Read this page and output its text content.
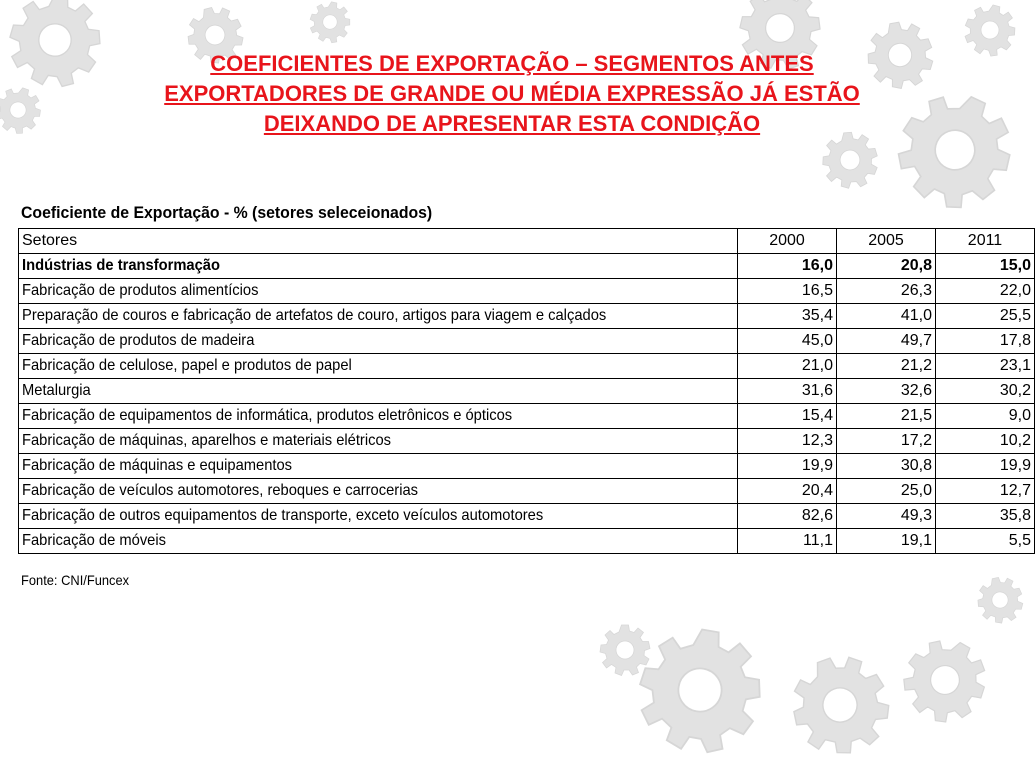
COEFICIENTES DE EXPORTAÇÃO – SEGMENTOS ANTES
EXPORTADORES DE GRANDE OU MÉDIA EXPRESSÃO JÁ ESTÃO
DEIXANDO DE APRESENTAR ESTA CONDIÇÃO
Coeficiente de Exportação - % (setores seleceionados)
Setores	2000	2005	2011
Indústrias de transformação	16,0	20,8	15,0
Fabricação de produtos alimentícios	16,5	26,3	22,0
Preparação de couros e fabricação de artefatos de couro, artigos para viagem e calçados	35,4	41,0	25,5
Fabricação de produtos de madeira	45,0	49,7	17,8
Fabricação de celulose, papel e produtos de papel	21,0	21,2	23,1
Metalurgia	31,6	32,6	30,2
Fabricação de equipamentos de informática, produtos eletrônicos e ópticos	15,4	21,5	9,0
Fabricação de máquinas, aparelhos e materiais elétricos	12,3	17,2	10,2
Fabricação de máquinas e equipamentos	19,9	30,8	19,9
Fabricação de veículos automotores, reboques e carrocerias	20,4	25,0	12,7
Fabricação de outros equipamentos de transporte, exceto veículos automotores	82,6	49,3	35,8
Fabricação de móveis	11,1	19,1	5,5
Fonte: CNI/Funcex
